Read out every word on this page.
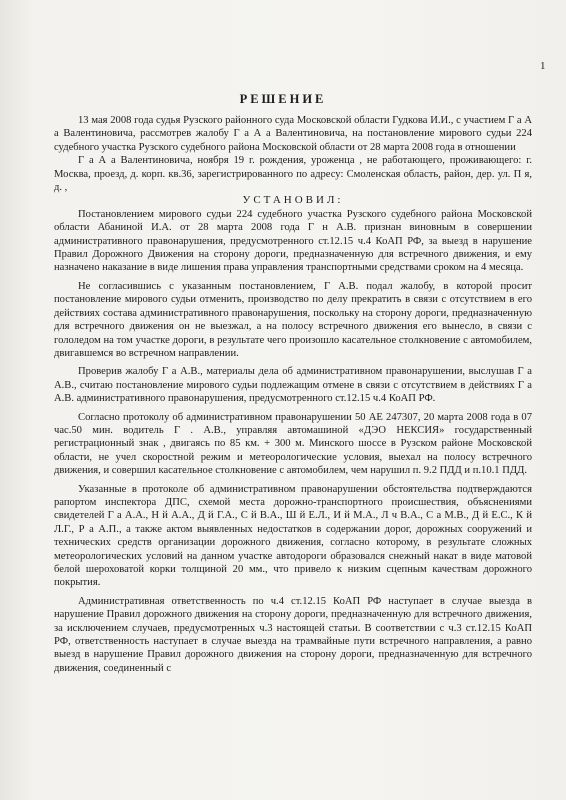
1
РЕШЕНИЕ

13 мая 2008 года судья Рузского районного суда Московской области Гудкова И.И., с участием Г а А а Валентиновича, рассмотрев жалобу Г а А а Валентиновича, на постановление мирового судьи 224 судебного участка Рузского судебного района Московской области от 28 марта 2008 года в отношении

Г а А а Валентиновича, ноября 19 г. рождения, уроженца , не работающего, проживающего: г. Москва, проезд, д. корп. кв.36, зарегистрированного по адресу: Смоленская область, район, дер. ул. П я, д. ,

УСТАНОВИЛ:

Постановлением мирового судьи 224 судебного участка Рузского судебного района Московской области Абаниной И.А. от 28 марта 2008 года Г н А.В. признан виновным в совершении административного правонарушения, предусмотренного ст.12.15 ч.4 КоАП РФ, за выезд в нарушение Правил Дорожного Движения на сторону дороги, предназначенную для встречного движения, и ему назначено наказание в виде лишения права управления транспортными средствами сроком на 4 месяца.

Не согласившись с указанным постановлением, Г А.В. подал жалобу, в которой просит постановление мирового судьи отменить, производство по делу прекратить в связи с отсутствием в его действиях состава административного правонарушения, поскольку на сторону дороги, предназначенную для встречного движения он не выезжал, а на полосу встречного движения его вынесло, в связи с гололедом на том участке дороги, в результате чего произошло касательное столкновение с автомобилем, двигавшемся во встречном направлении.

Проверив жалобу Г а А.В., материалы дела об административном правонарушении, выслушав Г а А.В., считаю постановление мирового судьи подлежащим отмене в связи с отсутствием в действиях Г а А.В. административного правонарушения, предусмотренного ст.12.15 ч.4 КоАП РФ.

Согласно протоколу об административном правонарушении 50 АЕ 247307, 20 марта 2008 года в 07 час.50 мин. водитель Г . А.В., управляя автомашиной «ДЭО НЕКСИЯ» государственный регистрационный знак , двигаясь по 85 км. + 300 м. Минского шоссе в Рузском районе Московской области, не учел скоростной режим и метеорологические условия, выехал на полосу встречного движения, и совершил касательное столкновение с автомобилем, чем нарушил п. 9.2 ПДД и п.10.1 ПДД.

Указанные в протоколе об административном правонарушении обстоятельства подтверждаются рапортом инспектора ДПС, схемой места дорожно-транспортного происшествия, объяснениями свидетелей Г а А.А., Н й А.А., Д й Г.А., С й В.А., Ш й Е.Л., И й М.А., Л ч В.А., С а М.В., Д й Е.С., К й Л.Г., Р а А.П., а также актом выявленных недостатков в содержании дорог, дорожных сооружений и технических средств организации дорожного движения, согласно которому, в результате сложных метеорологических условий на данном участке автодороги образовался снежный накат в виде матовой белой шероховатой корки толщиной 20 мм., что привело к низким сцепным качествам дорожного покрытия.

Административная ответственность по ч.4 ст.12.15 КоАП РФ наступает в случае выезда в нарушение Правил дорожного движения на сторону дороги, предназначенную для встречного движения, за исключением случаев, предусмотренных ч.3 настоящей статьи. В соответствии с ч.3 ст.12.15 КоАП РФ, ответственность наступает в случае выезда на трамвайные пути встречного направления, а равно выезд в нарушение Правил дорожного движения на сторону дороги, предназначенную для встречного движения, соединенный с
